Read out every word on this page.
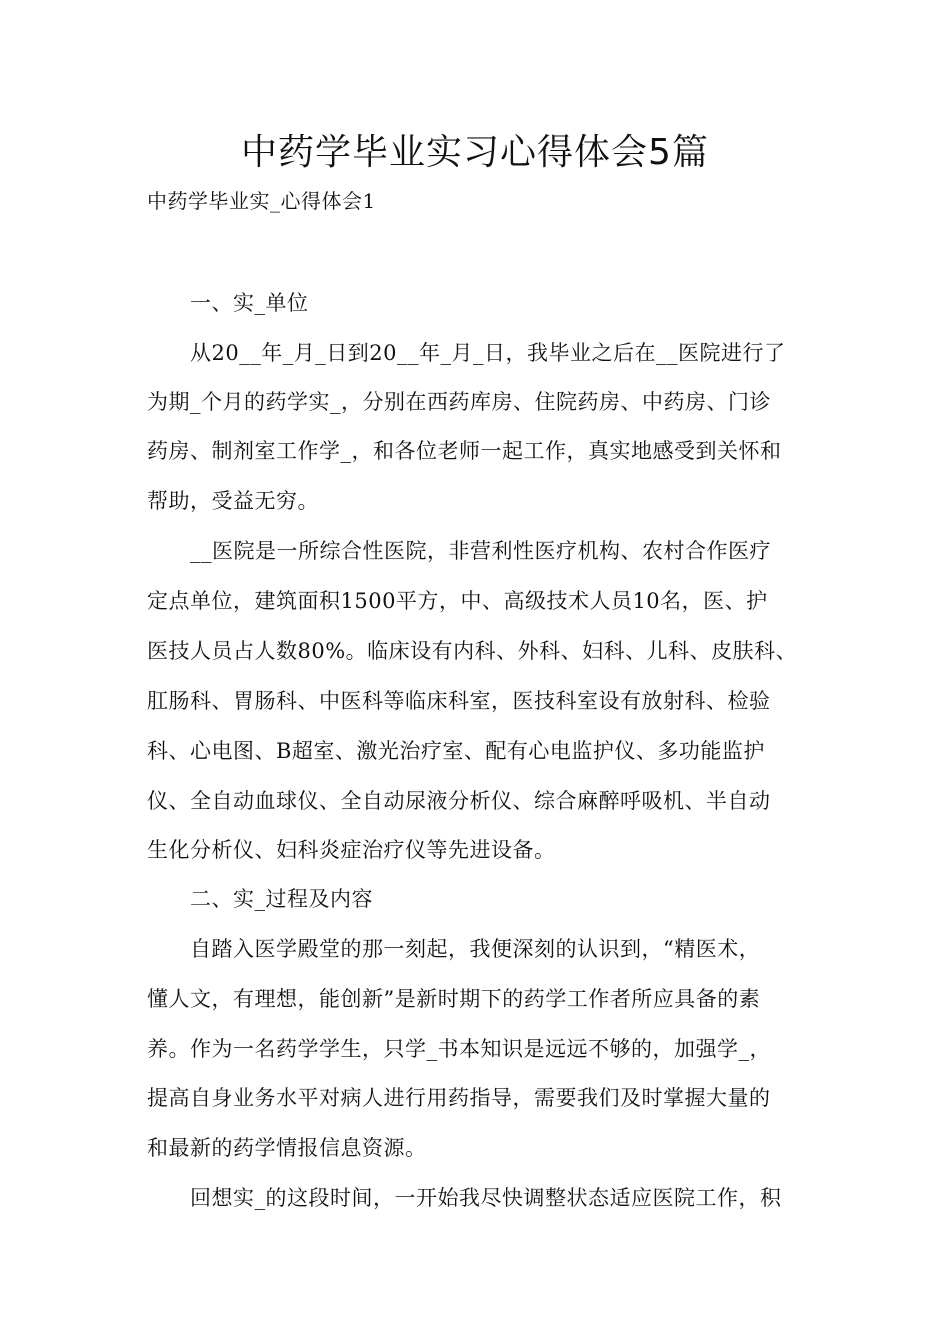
中药学毕业实习心得体会5篇

中药学毕业实_心得体会1

一、实_单位

从20__年_月_日到20__年_月_日，我毕业之后在__医院进行了

为期_个月的药学实_，分别在西药库房、住院药房、中药房、门诊

药房、制剂室工作学_，和各位老师一起工作，真实地感受到关怀和

帮助，受益无穷。

__医院是一所综合性医院，非营利性医疗机构、农村合作医疗

定点单位，建筑面积1500平方，中、高级技术人员10名，医、护

医技人员占人数80%。临床设有内科、外科、妇科、儿科、皮肤科、

肛肠科、胃肠科、中医科等临床科室，医技科室设有放射科、检验

科、心电图、B超室、激光治疗室、配有心电监护仪、多功能监护

仪、全自动血球仪、全自动尿液分析仪、综合麻醉呼吸机、半自动

生化分析仪、妇科炎症治疗仪等先进设备。

二、实_过程及内容

自踏入医学殿堂的那一刻起，我便深刻的认识到，“精医术，

懂人文，有理想，能创新”是新时期下的药学工作者所应具备的素

养。作为一名药学学生，只学_书本知识是远远不够的，加强学_，

提高自身业务水平对病人进行用药指导，需要我们及时掌握大量的

和最新的药学情报信息资源。

回想实_的这段时间，一开始我尽快调整状态适应医院工作，积
